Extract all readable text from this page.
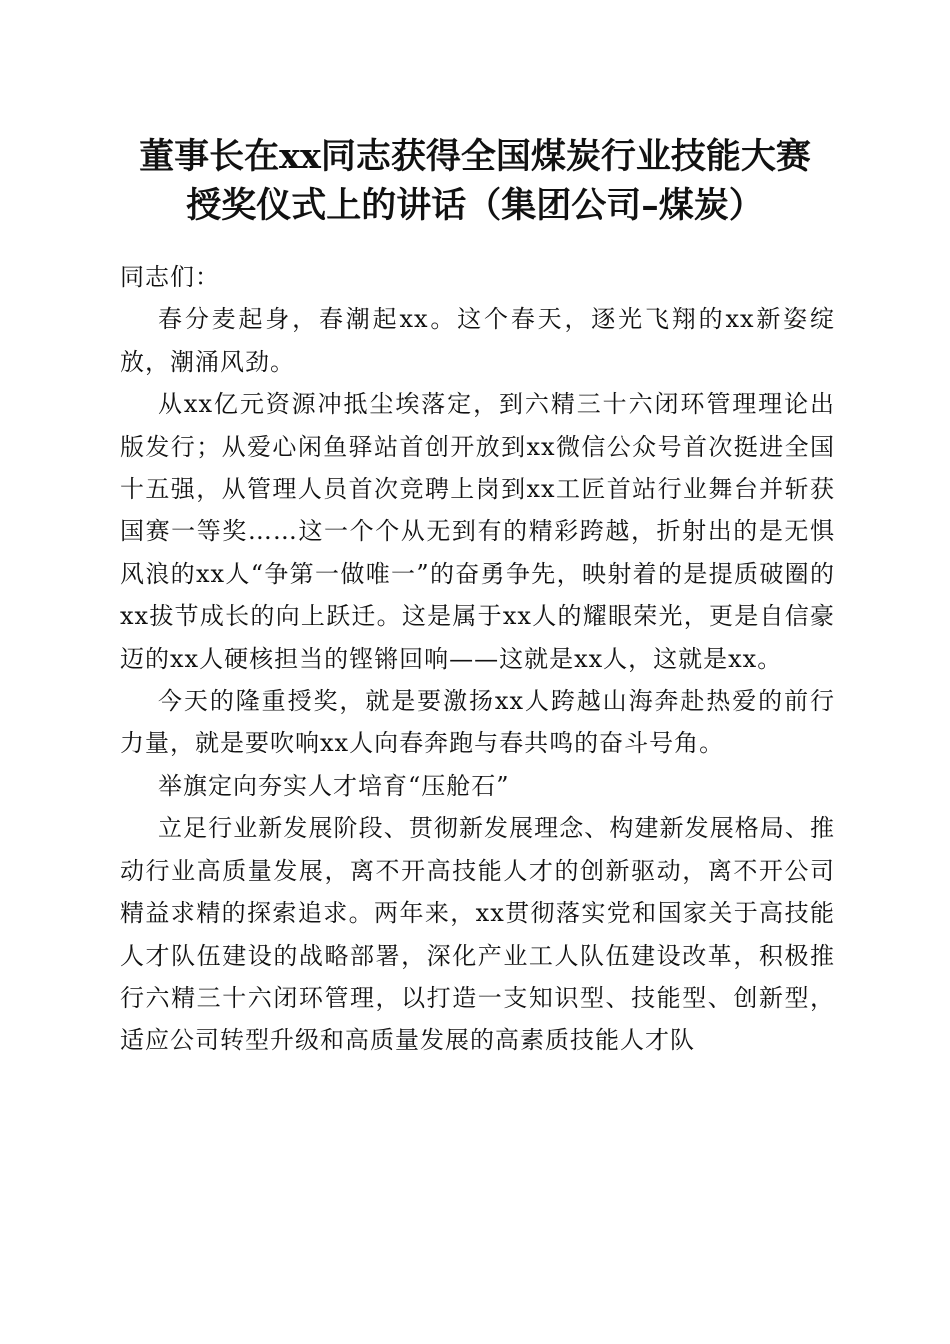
董事长在xx同志获得全国煤炭行业技能大赛
授奖仪式上的讲话（集团公司–煤炭）

同志们：

春分麦起身，春潮起xx。这个春天，逐光飞翔的xx新姿绽放，潮涌风劲。

从xx亿元资源冲抵尘埃落定，到六精三十六闭环管理理论出版发行；从爱心闲鱼驿站首创开放到xx微信公众号首次挺进全国十五强，从管理人员首次竞聘上岗到xx工匠首站行业舞台并斩获国赛一等奖……这一个个从无到有的精彩跨越，折射出的是无惧风浪的xx人“争第一做唯一”的奋勇争先，映射着的是提质破圈的xx拔节成长的向上跃迁。这是属于xx人的耀眼荣光，更是自信豪迈的xx人硬核担当的铿锵回响——这就是xx人，这就是xx。

今天的隆重授奖，就是要激扬xx人跨越山海奔赴热爱的前行力量，就是要吹响xx人向春奔跑与春共鸣的奋斗号角。

举旗定向夯实人才培育“压舱石”

立足行业新发展阶段、贯彻新发展理念、构建新发展格局、推动行业高质量发展，离不开高技能人才的创新驱动，离不开公司精益求精的探索追求。两年来，xx贯彻落实党和国家关于高技能人才队伍建设的战略部署，深化产业工人队伍建设改革，积极推行六精三十六闭环管理，以打造一支知识型、技能型、创新型，适应公司转型升级和高质量发展的高素质技能人才队
